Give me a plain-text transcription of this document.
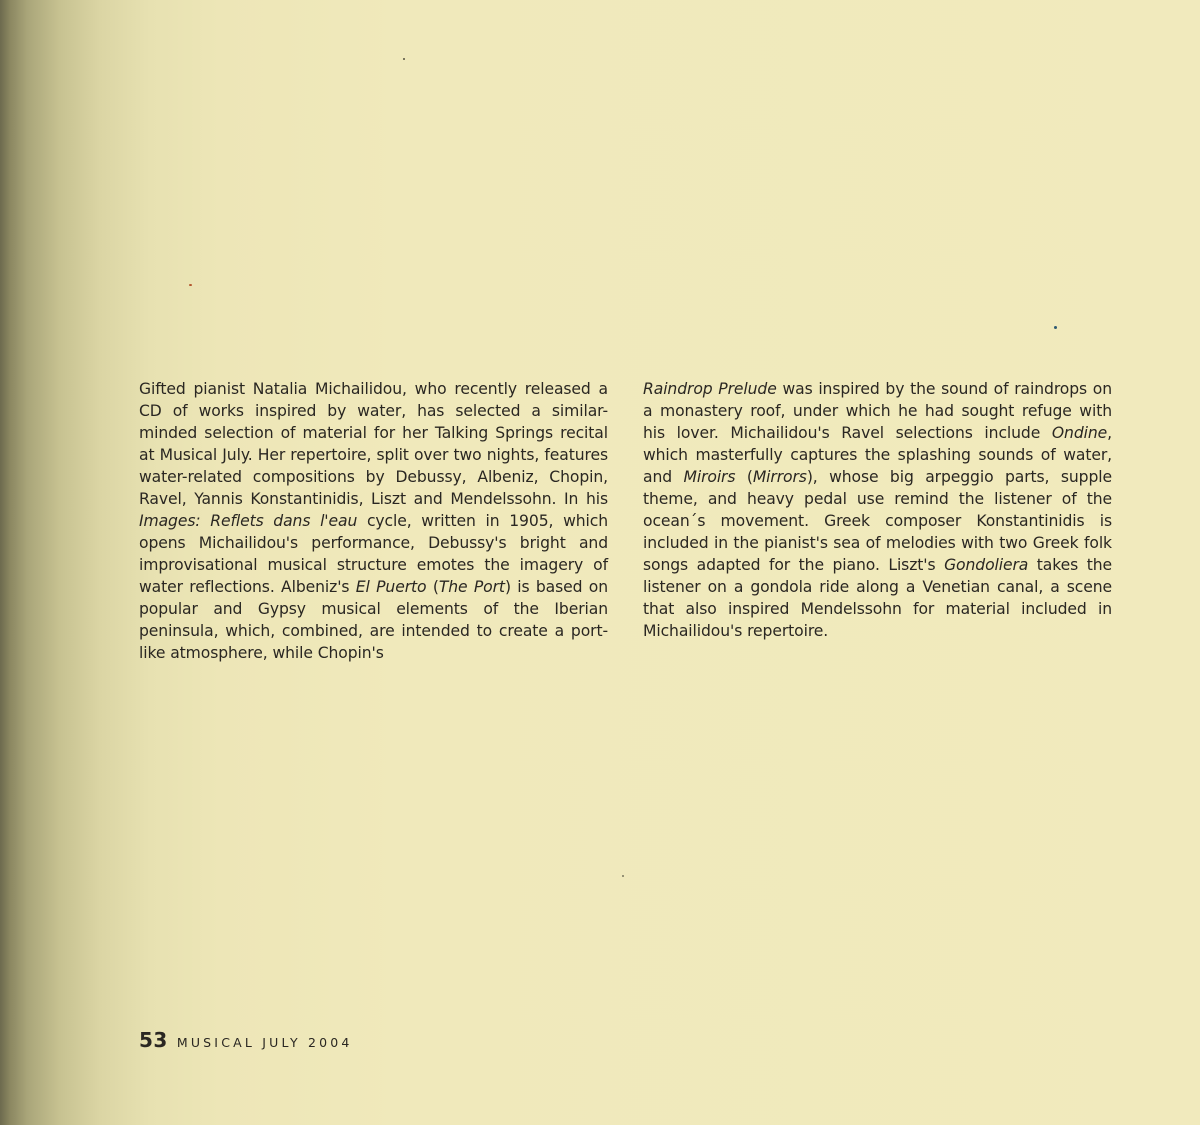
Gifted pianist Natalia Michailidou, who recently released a CD of works inspired by water, has selected a similar-minded selection of material for her Talking Springs recital at Musical July. Her repertoire, split over two nights, features water-related compositions by Debussy, Albeniz, Chopin, Ravel, Yannis Konstantinidis, Liszt and Mendelssohn. In his Images: Reflets dans l'eau cycle, written in 1905, which opens Michailidou's performance, Debussy's bright and improvisational musical structure emotes the imagery of water reflections. Albeniz's El Puerto (The Port) is based on popular and Gypsy musical elements of the Iberian peninsula, which, combined, are intended to create a port-like atmosphere, while Chopin's

Raindrop Prelude was inspired by the sound of raindrops on a monastery roof, under which he had sought refuge with his lover. Michailidou's Ravel selections include Ondine, which masterfully captures the splashing sounds of water, and Miroirs (Mirrors), whose big arpeggio parts, supple theme, and heavy pedal use remind the listener of the ocean´s movement. Greek composer Konstantinidis is included in the pianist's sea of melodies with two Greek folk songs adapted for the piano. Liszt's Gondoliera takes the listener on a gondola ride along a Venetian canal, a scene that also inspired Mendelssohn for material included in Michailidou's repertoire.

53 MUSICAL JULY 2004
